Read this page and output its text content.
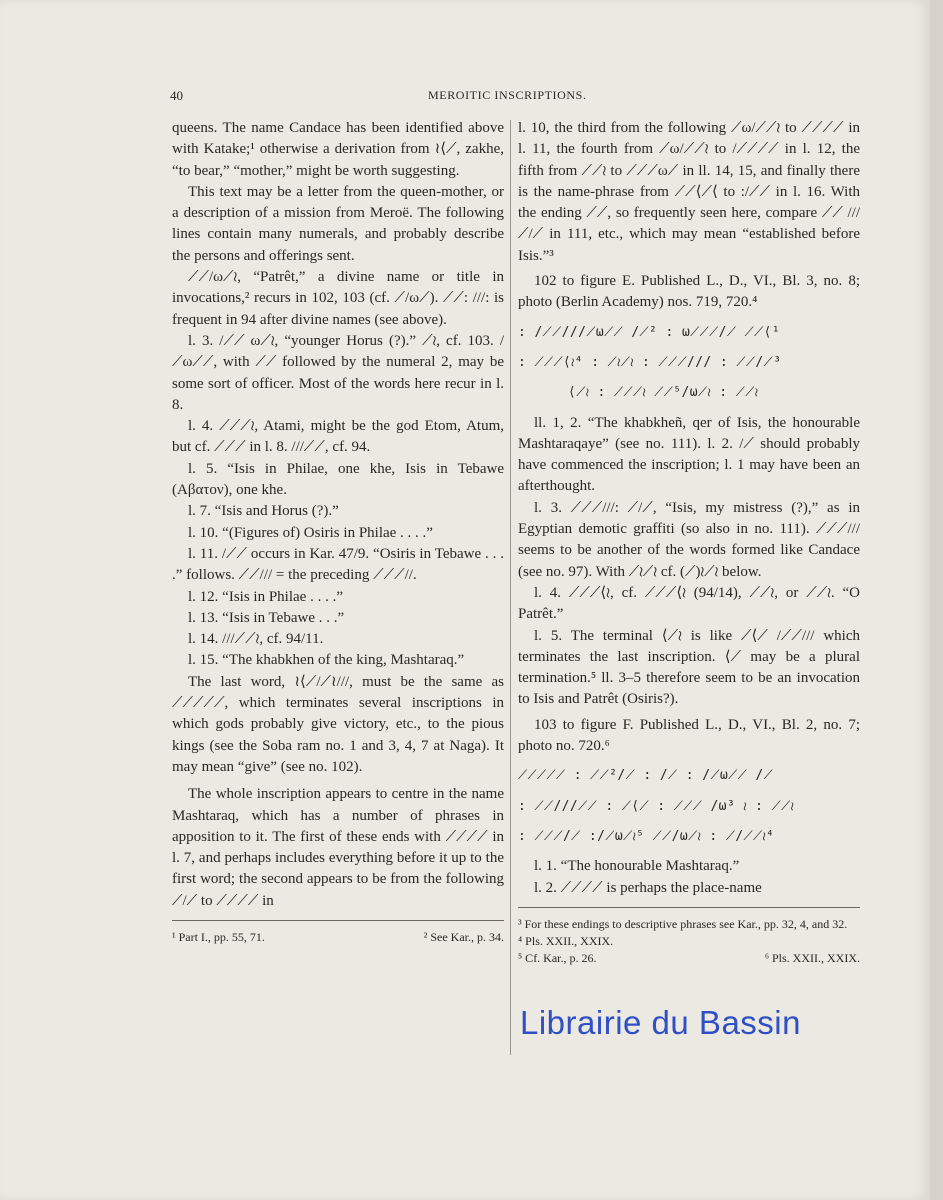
40	MEROITIC INSCRIPTIONS.

queens. The name Candace has been identified above with Katake;¹ otherwise a derivation from ≀⟨⟋, zakhe, “to bear,” “mother,” might be worth suggesting.

This text may be a letter from the queen-mother, or a description of a mission from Meroë. The following lines contain many numerals, and probably describe the persons and offerings sent.

⟋⟋/ω⟋≀, “Patrêt,” a divine name or title in invocations,² recurs in 102, 103 (cf. ⟋/ω⟋). ⟋⟋: ///: is frequent in 94 after divine names (see above).

l. 3. /⟋⟋ ω⟋≀, “younger Horus (?).” ⟋≀, cf. 103. /⟋ω⟋⟋, with ⟋⟋ followed by the numeral 2, may be some sort of officer. Most of the words here recur in l. 8.

l. 4. ⟋⟋⟋≀, Atami, might be the god Etom, Atum, but cf. ⟋⟋⟋ in l. 8. ///⟋⟋, cf. 94.

l. 5. “Isis in Philae, one khe, Isis in Tebawe (Αβατον), one khe.

l. 7. “Isis and Horus (?).”

l. 10. “(Figures of) Osiris in Philae . . . .”

l. 11. /⟋⟋ occurs in Kar. 47/9. “Osiris in Tebawe . . . .” follows. ⟋⟋/// = the preceding ⟋⟋⟋//.

l. 12. “Isis in Philae . . . .”

l. 13. “Isis in Tebawe . . .”

l. 14. ///⟋⟋≀, cf. 94/11.

l. 15. “The khabkhen of the king, Mashtaraq.”

The last word, ≀⟨⟋/⟋≀///, must be the same as ⟋⟋⟋⟋⟋, which terminates several inscriptions in which gods probably give victory, etc., to the pious kings (see the Soba ram no. 1 and 3, 4, 7 at Naga). It may mean “give” (see no. 102).

The whole inscription appears to centre in the name Mashtaraq, which has a number of phrases in apposition to it. The first of these ends with ⟋⟋⟋⟋ in l. 7, and perhaps includes everything before it up to the first word; the second appears to be from the following ⟋/⟋ to ⟋⟋⟋⟋ in

¹ Part I., pp. 55, 71.	² See Kar., p. 34.

l. 10, the third from the following ⟋ω/⟋⟋≀ to ⟋⟋⟋⟋ in l. 11, the fourth from ⟋ω/⟋⟋≀ to /⟋⟋⟋⟋ in l. 12, the fifth from ⟋⟋≀ to ⟋⟋⟋ω⟋ in ll. 14, 15, and finally there is the name-phrase from ⟋⟋⟨⟋⟨ to :/⟋⟋ in l. 16. With the ending ⟋⟋, so frequently seen here, compare ⟋⟋ /// ⟋/⟋ in 111, etc., which may mean “established before Isis.”³

102 to figure E. Published L., D., VI., Bl. 3, no. 8; photo (Berlin Academy) nos. 719, 720.⁴

: /⟋⟋///⟋ω⟋⟋ /⟋² : ω⟋⟋⟋/⟋ ⟋⟋⟨¹
: ⟋⟋⟋⟨≀⁴ : ⟋≀⟋≀ : ⟋⟋⟋/// : ⟋⟋/⟋³
⟨⟋≀ : ⟋⟋⟋≀ ⟋⟋⁵/ω⟋≀ : ⟋⟋≀

ll. 1, 2. “The khabkheñ, qer of Isis, the honourable Mashtaraqaye” (see no. 111). l. 2. /⟋ should probably have commenced the inscription; l. 1 may have been an afterthought.

l. 3. ⟋⟋⟋///: ⟋/⟋, “Isis, my mistress (?),” as in Egyptian demotic graffiti (so also in no. 111). ⟋⟋⟋/// seems to be another of the words formed like Candace (see no. 97). With ⟋≀⟋≀ cf. (⟋)≀⟋≀ below.

l. 4. ⟋⟋⟋⟨≀, cf. ⟋⟋⟋⟨≀ (94/14), ⟋⟋≀, or ⟋⟋≀. “O Patrêt.”

l. 5. The terminal ⟨⟋≀ is like ⟋⟨⟋ /⟋⟋/// which terminates the last inscription. ⟨⟋ may be a plural termination.⁵ ll. 3–5 therefore seem to be an invocation to Isis and Patrêt (Osiris?).

103 to figure F. Published L., D., VI., Bl. 2, no. 7; photo no. 720.⁶

⟋⟋⟋⟋⟋ : ⟋⟋²/⟋ : /⟋ : /⟋ω⟋⟋ /⟋
: ⟋⟋///⟋⟋ : ⟋⟨⟋ : ⟋⟋⟋ /ω³ ≀ : ⟋⟋≀
: ⟋⟋⟋/⟋ :/⟋ω⟋≀⁵ ⟋⟋/ω⟋≀ : ⟋/⟋⟋≀⁴

l. 1. “The honourable Mashtaraq.”

l. 2. ⟋⟋⟋⟋ is perhaps the place-name

³ For these endings to descriptive phrases see Kar., pp. 32, 4, and 32.
⁴ Pls. XXII., XXIX.
⁵ Cf. Kar., p. 26.	⁶ Pls. XXII., XXIX.
Librairie du Bassin
